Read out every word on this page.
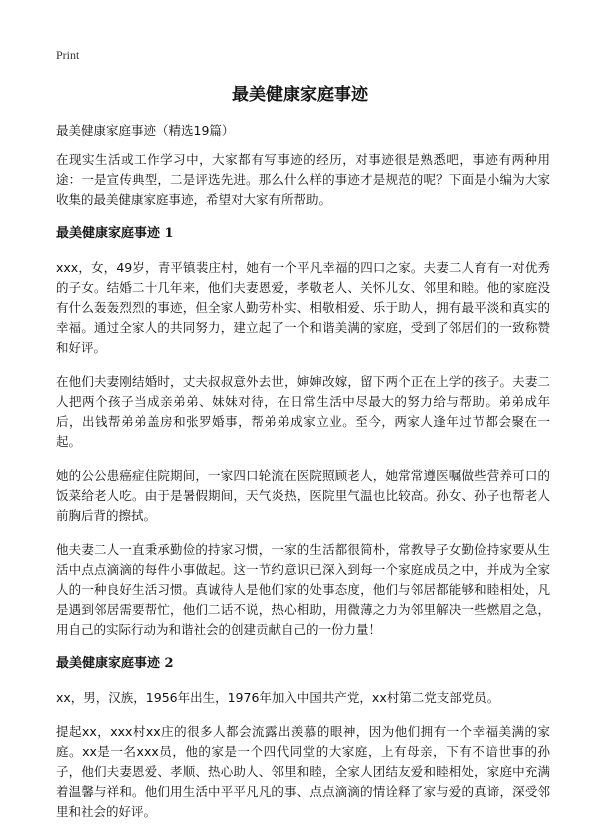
Print
最美健康家庭事迹
最美健康家庭事迹（精选19篇）

在现实生活或工作学习中，大家都有写事迹的经历，对事迹很是熟悉吧，事迹有两种用途：一是宣传典型，二是评选先进。那么什么样的事迹才是规范的呢？下面是小编为大家收集的最美健康家庭事迹，希望对大家有所帮助。

最美健康家庭事迹 1

xxx，女，49岁，青平镇裴庄村，她有一个平凡幸福的四口之家。夫妻二人育有一对优秀的子女。结婚二十几年来，他们夫妻恩爱，孝敬老人、关怀儿女、邻里和睦。他的家庭没有什么轰轰烈烈的事迹，但全家人勤劳朴实、相敬相爱、乐于助人，拥有最平淡和真实的幸福。通过全家人的共同努力，建立起了一个和谐美满的家庭，受到了邻居们的一致称赞和好评。

在他们夫妻刚结婚时，丈夫叔叔意外去世，婶婶改嫁，留下两个正在上学的孩子。夫妻二人把两个孩子当成亲弟弟、妹妹对待，在日常生活中尽最大的努力给与帮助。弟弟成年后，出钱帮弟弟盖房和张罗婚事，帮弟弟成家立业。至今，两家人逢年过节都会聚在一起。

她的公公患癌症住院期间，一家四口轮流在医院照顾老人，她常常遵医嘱做些营养可口的饭菜给老人吃。由于是暑假期间，天气炎热，医院里气温也比较高。孙女、孙子也帮老人前胸后背的擦拭。

他夫妻二人一直秉承勤俭的持家习惯，一家的生活都很简朴，常教导子女勤俭持家要从生活中点点滴滴的每件小事做起。这一节约意识已深入到每一个家庭成员之中，并成为全家人的一种良好生活习惯。真诚待人是他们家的处事态度，他们与邻居都能够和睦相处，凡是遇到邻居需要帮忙，他们二话不说，热心相助，用微薄之力为邻里解决一些燃眉之急，用自己的实际行动为和谐社会的创建贡献自己的一份力量！

最美健康家庭事迹 2

xx，男，汉族，1956年出生，1976年加入中国共产党，xx村第二党支部党员。

提起xx，xxx村xx庄的很多人都会流露出羡慕的眼神，因为他们拥有一个幸福美满的家庭。xx是一名xxx员，他的家是一个四代同堂的大家庭，上有母亲，下有不谙世事的孙子，他们夫妻恩爱、孝顺、热心助人、邻里和睦，全家人团结友爱和睦相处，家庭中充满着温馨与祥和。他们用生活中平平凡凡的事、点点滴滴的情诠释了家与爱的真谛，深受邻里和社会的好评。
